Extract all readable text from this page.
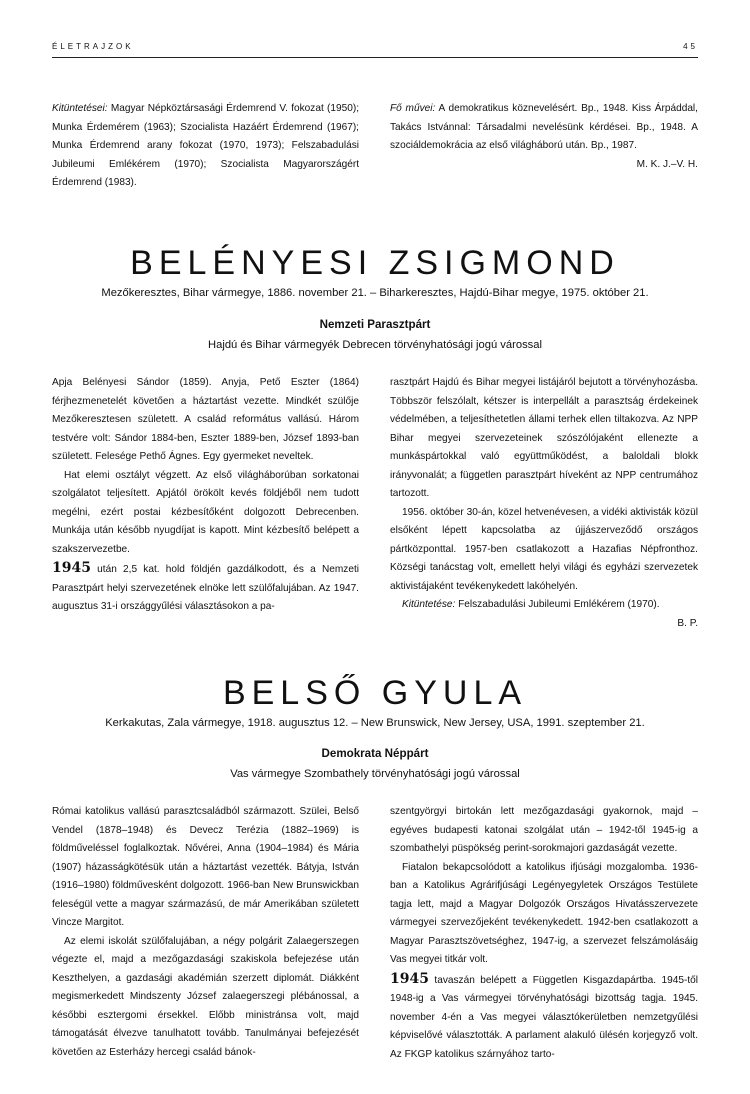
ÉLETRAJZOK	45

Kitüntetései: Magyar Népköztársasági Érdemrend V. fokozat (1950); Munka Érdemérem (1963); Szocialista Hazáért Érdemrend (1967); Munka Érdemrend arany fokozat (1970, 1973); Felszabadulási Jubileumi Emlékérem (1970); Szocialista Magyarországért Érdemrend (1983).

Fő művei: A demokratikus köznevelésért. Bp., 1948. Kiss Árpáddal, Takács Istvánnal: Társadalmi nevelésünk kérdései. Bp., 1948. A szociáldemokrácia az első világháború után. Bp., 1987.

M. K. J.–V. H.

BELÉNYESI ZSIGMOND
Mezőkeresztes, Bihar vármegye, 1886. november 21. – Biharkeresztes, Hajdú-Bihar megye, 1975. október 21.
Nemzeti Parasztpárt
Hajdú és Bihar vármegyék Debrecen törvényhatósági jogú várossal

Apja Belényesi Sándor (1859). Anyja, Pető Eszter (1864) férjhezmenetelét követően a háztartást vezette. Mindkét szülője Mezőkeresztesen született. A család református vallású. Három testvére volt: Sándor 1884-ben, Eszter 1889-ben, József 1893-ban született. Felesége Pethő Ágnes. Egy gyermeket neveltek.

Hat elemi osztályt végzett. Az első világháborúban sorkatonai szolgálatot teljesített. Apjától örökölt kevés földjéből nem tudott megélni, ezért postai kézbesítőként dolgozott Debrecenben. Munkája után később nyugdíjat is kapott. Mint kézbesítő belépett a szakszervezetbe.

1945 után 2,5 kat. hold földjén gazdálkodott, és a Nemzeti Parasztpárt helyi szervezetének elnöke lett szülőfalujában. Az 1947. augusztus 31-i országgyűlési választásokon a pa-

rasztpárt Hajdú és Bihar megyei listájáról bejutott a törvényhozásba. Többször felszólalt, kétszer is interpellált a parasztság érdekeinek védelmében, a teljesíthetetlen állami terhek ellen tiltakozva. Az NPP Bihar megyei szervezeteinek szószólójaként ellenezte a munkáspártokkal való együttműködést, a baloldali blokk irányvonalát; a független parasztpárt híveként az NPP centrumához tartozott.

1956. október 30-án, közel hetvenévesen, a vidéki aktivisták közül elsőként lépett kapcsolatba az újjászerveződő országos pártközponttal. 1957-ben csatlakozott a Hazafias Népfronthoz. Községi tanácstag volt, emellett helyi világi és egyházi szervezetek aktivistájaként tevékenykedett lakóhelyén.

Kitüntetése: Felszabadulási Jubileumi Emlékérem (1970).

B. P.

BELSŐ GYULA
Kerkakutas, Zala vármegye, 1918. augusztus 12. – New Brunswick, New Jersey, USA, 1991. szeptember 21.
Demokrata Néppárt
Vas vármegye Szombathely törvényhatósági jogú várossal

Római katolikus vallású parasztcsaládból származott. Szülei, Belső Vendel (1878–1948) és Devecz Terézia (1882–1969) is földműveléssel foglalkoztak. Nővérei, Anna (1904–1984) és Mária (1907) házasságkötésük után a háztartást vezették. Bátyja, István (1916–1980) földművesként dolgozott. 1966-ban New Brunswickban feleségül vette a magyar származású, de már Amerikában született Vincze Margitot.

Az elemi iskolát szülőfalujában, a négy polgárit Zalaegerszegen végezte el, majd a mezőgazdasági szakiskola befejezése után Keszthelyen, a gazdasági akadémián szerzett diplomát. Diákként megismerkedett Mindszenty József zalaegerszegi plébánossal, a későbbi esztergomi érsekkel. Előbb ministránsa volt, majd támogatását élvezve tanulhatott tovább. Tanulmányai befejezését követően az Esterházy hercegi család bánok-

szentgyörgyi birtokán lett mezőgazdasági gyakornok, majd – egyéves budapesti katonai szolgálat után – 1942-től 1945-ig a szombathelyi püspökség perint-sorokmajori gazdaságát vezette.

Fiatalon bekapcsolódott a katolikus ifjúsági mozgalomba. 1936-ban a Katolikus Agrárifjúsági Legényegyletek Országos Testülete tagja lett, majd a Magyar Dolgozók Országos Hivatásszervezete vármegyei szervezőjeként tevékenykedett. 1942-ben csatlakozott a Magyar Parasztszövetséghez, 1947-ig, a szervezet felszámolásáig Vas megyei titkár volt.

1945 tavaszán belépett a Független Kisgazdapártba. 1945-től 1948-ig a Vas vármegyei törvényhatósági bizottság tagja. 1945. november 4-én a Vas megyei választókerületben nemzetgyűlési képviselővé választották. A parlament alakuló ülésén korjegyző volt. Az FKGP katolikus szárnyához tarto-
